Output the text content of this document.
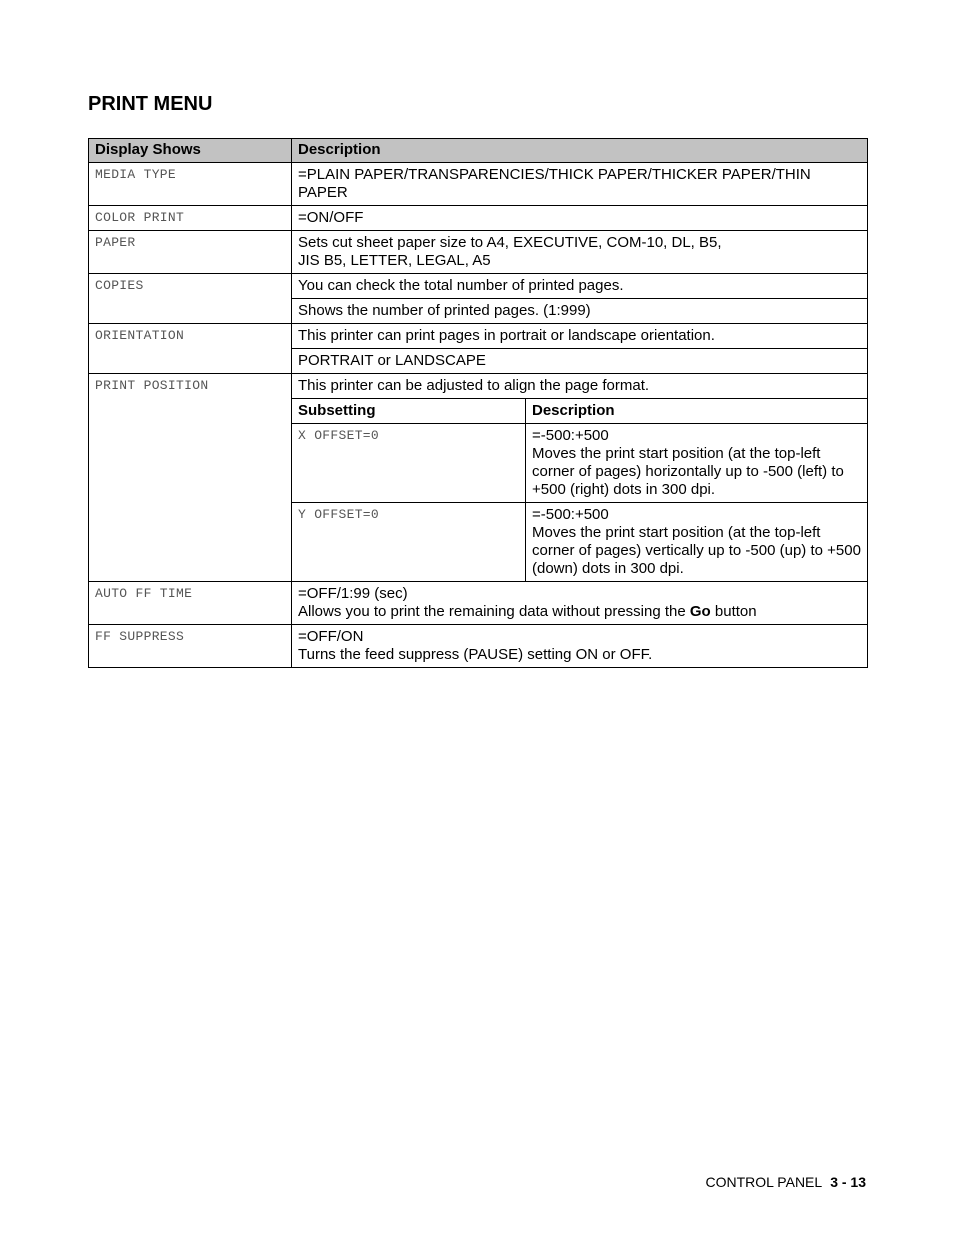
PRINT MENU
Display Shows	Description	
MEDIA TYPE	=PLAIN PAPER/TRANSPARENCIES/THICK PAPER/THICKER PAPER/THIN PAPER	
COLOR PRINT	=ON/OFF	
PAPER	Sets cut sheet paper size to A4, EXECUTIVE, COM-10, DL, B5,
JIS B5, LETTER, LEGAL, A5	

COPIES	You can check the total number of printed pages.	
	Shows the number of printed pages. (1:999)	
ORIENTATION	This printer can print pages in portrait or landscape orientation.	
	PORTRAIT or LANDSCAPE	
PRINT POSITION	This printer can be adjusted to align the page format.	
	Subsetting	Description
	X OFFSET=0	=-500:+500
Moves the print start position (at the top-left corner of pages) horizontally up to -500 (left) to +500 (right) dots in 300 dpi.

	Y OFFSET=0	=-500:+500
Moves the print start position (at the top-left corner of pages) vertically up to -500 (up) to +500 (down) dots in 300 dpi.

AUTO FF TIME	=OFF/1:99 (sec)
Allows you to print the remaining data without pressing the Go button	

FF SUPPRESS	=OFF/ON
Turns the feed suppress (PAUSE) setting ON or OFF.	
CONTROL PANEL 3 - 13
